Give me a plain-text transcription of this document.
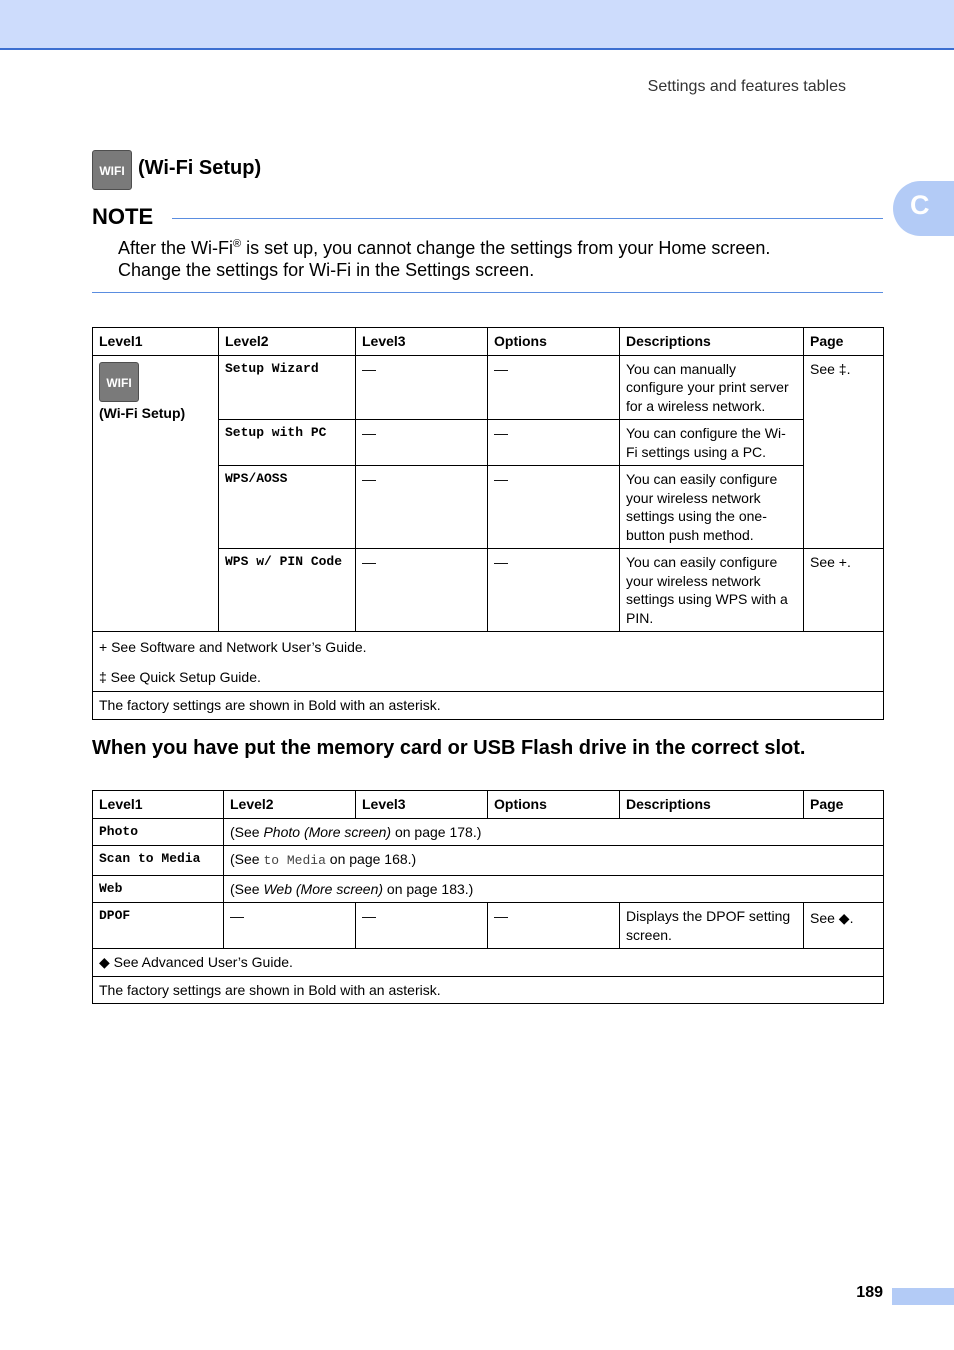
Settings and features tables
C
WIFI (Wi-Fi Setup)
NOTE
After the Wi-Fi® is set up, you cannot change the settings from your Home screen.
Change the settings for Wi-Fi in the Settings screen.
Level1	Level2	Level3	Options	Descriptions	Page

WIFI
(Wi-Fi Setup)	Setup Wizard	—	—	You can manually configure your print server for a wireless network.	See ‡.
	Setup with PC	—	—	You can configure the Wi-Fi settings using a PC.	
	WPS/AOSS	—	—	You can easily configure your wireless network settings using the one-button push method.	
	WPS w/ PIN Code	—	—	You can easily configure your wireless network settings using WPS with a PIN.	See +.

+ See Software and Network User’s Guide.
‡ See Quick Setup Guide.					

The factory settings are shown in Bold with an asterisk.					
When you have put the memory card or USB Flash drive in the correct slot.
Level1	Level2	Level3	Options	Descriptions	Page
Photo	(See Photo (More screen) on page 178.)				
Scan to Media	(See to Media on page 168.)				
Web	(See Web (More screen) on page 183.)				
DPOF	—	—	—	Displays the DPOF setting screen.	See ◆.
◆ See Advanced User’s Guide.					
The factory settings are shown in Bold with an asterisk.					
189
